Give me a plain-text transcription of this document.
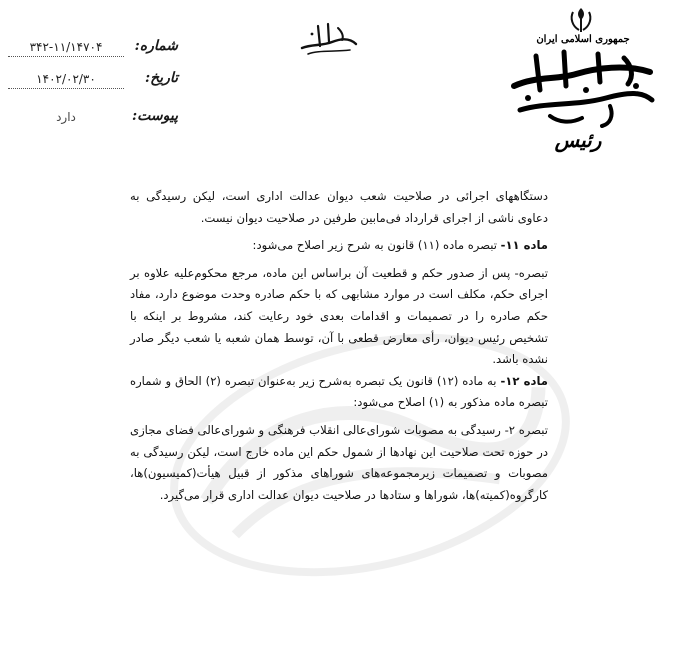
شماره:
۳۴۲-۱۱/۱۴۷۰۴
تاریخ:
۱۴۰۲/۰۲/۳۰
پیوست:
دارد
جمهوری اسلامی ایران
رئیس

دستگاههای اجرائی در صلاحیت شعب دیوان عدالت اداری است، لیکن رسیدگی به دعاوی ناشی از اجرای قرارداد فی‌مابین طرفین در صلاحیت دیوان نیست.

ماده ۱۱- تبصره ماده (۱۱) قانون به شرح زیر اصلاح می‌شود:

تبصره- پس از صدور حکم و قطعیت آن براساس این ماده، مرجع محکوم‌علیه علاوه بر اجرای حکم، مکلف است در موارد مشابهی که با حکم صادره وحدت موضوع دارد، مفاد حکم صادره را در تصمیمات و اقدامات بعدی خود رعایت کند، مشروط بر اینکه با تشخیص رئیس دیوان، رأی معارض قطعی با آن، توسط همان شعبه یا شعب دیگر صادر نشده باشد.

ماده ۱۲- به ماده (۱۲) قانون یک تبصره به‌شرح زیر به‌عنوان تبصره (۲) الحاق و شماره تبصره ماده مذکور به (۱) اصلاح می‌شود:

تبصره ۲- رسیدگی به مصوبات شورای‌عالی انقلاب فرهنگی و شورای‌عالی فضای مجازی در حوزه تحت صلاحیت این نهادها از شمول حکم این ماده خارج است، لیکن رسیدگی به مصوبات و تصمیمات زیرمجموعه‌های شوراهای مذکور از قبیل هیأت(کمیسیون)ها، کارگروه(کمیته)ها، شوراها و ستادها در صلاحیت دیوان عدالت اداری قرار می‌گیرد.
